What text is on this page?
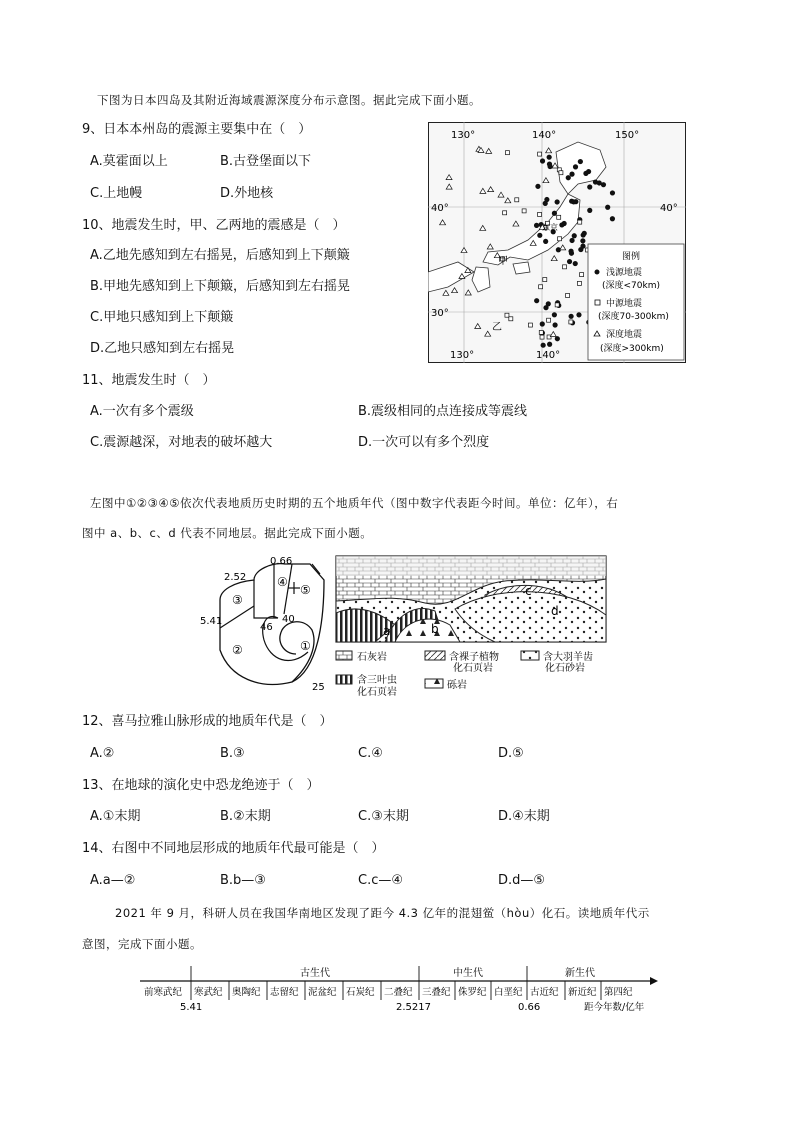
下图为日本四岛及其附近海域震源深度分布示意图。据此完成下面小题。
9、日本本州岛的震源主要集中在（　）
A.莫霍面以上	B.古登堡面以下
C.上地幔	D.外地核
10、地震发生时，甲、乙两地的震感是（　）
A.乙地先感知到左右摇晃，后感知到上下颠簸
B.甲地先感知到上下颠簸，后感知到左右摇晃
C.甲地只感知到上下颠簸
D.乙地只感知到左右摇晃
11、地震发生时（　）
A.一次有多个震级	B.震级相同的点连接成等震线
C.震源越深，对地表的破坏越大	D.一次可以有多个烈度
130°	140°	150°
40°	40°
30°
130°	140°
甲
乙
东京
图例
浅源地震
(深度<70km)
中源地震
(深度70-300km)
深度地震
(深度>300km)
左图中①②③④⑤依次代表地质历史时期的五个地质年代（图中数字代表距今时间。单位：亿年），右
图中 a、b、c、d 代表不同地层。据此完成下面小题。
0.66
2.52
5.41
46
40
25
①
②
③
④
⑤
a	b
c
d
石灰岩	含裸子植物
化石页岩
含大羽羊齿
化石砂岩
含三叶虫
化石页岩
砾岩
12、喜马拉雅山脉形成的地质年代是（　）
A.②	B.③	C.④	D.⑤
13、在地球的演化史中恐龙绝迹于（　）
A.①末期	B.②末期	C.③末期	D.④末期
14、右图中不同地层形成的地质年代最可能是（　）
A.a—②	B.b—③	C.c—④	D.d—⑤
2021 年 9 月，科研人员在我国华南地区发现了距今 4.3 亿年的混翅鲎（hòu）化石。读地质年代示
意图，完成下面小题。
古生代	中生代	新生代
前寒武纪 寒武纪 奥陶纪 志留纪 泥盆纪 石炭纪 二叠纪 三叠纪 侏罗纪 白垩纪 古近纪 新近纪 第四纪
5.41	2.5217	0.66	距今年数/亿年
